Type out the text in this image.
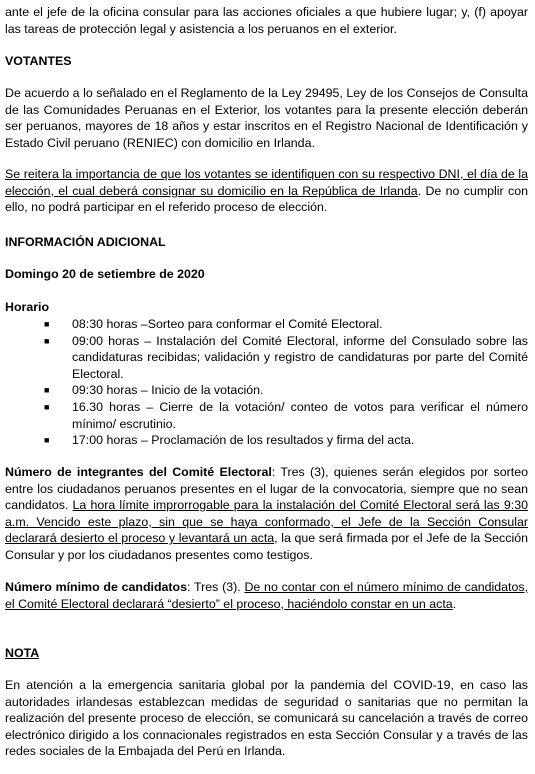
ante el jefe de la oficina consular para las acciones oficiales a que hubiere lugar; y, (f) apoyar las tareas de protección legal y asistencia a los peruanos en el exterior.

VOTANTES

De acuerdo a lo señalado en el Reglamento de la Ley 29495, Ley de los Consejos de Consulta de las Comunidades Peruanas en el Exterior, los votantes para la presente elección deberán ser peruanos, mayores de 18 años y estar inscritos en el Registro Nacional de Identificación y Estado Civil peruano (RENIEC) con domicilio en Irlanda.

Se reitera la importancia de que los votantes se identifiquen con su respectivo DNI, el día de la elección, el cual deberá consignar su domicilio en la República de Irlanda. De no cumplir con ello, no podrá participar en el referido proceso de elección.

INFORMACIÓN ADICIONAL

Domingo 20 de setiembre de 2020

Horario

■ 08:30 horas –Sorteo para conformar el Comité Electoral.
■ 09:00 horas – Instalación del Comité Electoral, informe del Consulado sobre las candidaturas recibidas; validación y registro de candidaturas por parte del Comité Electoral.
■ 09:30 horas – Inicio de la votación.
■ 16.30 horas – Cierre de la votación/ conteo de votos para verificar el número mínimo/ escrutinio.
■ 17:00 horas – Proclamación de los resultados y firma del acta.

Número de integrantes del Comité Electoral: Tres (3), quienes serán elegidos por sorteo entre los ciudadanos peruanos presentes en el lugar de la convocatoria, siempre que no sean candidatos. La hora límite improrrogable para la instalación del Comité Electoral será las 9:30 a.m. Vencido este plazo, sin que se haya conformado, el Jefe de la Sección Consular declarará desierto el proceso y levantará un acta, la que será firmada por el Jefe de la Sección Consular y por los ciudadanos presentes como testigos.

Número mínimo de candidatos: Tres (3). De no contar con el número mínimo de candidatos, el Comité Electoral declarará “desierto” el proceso, haciéndolo constar en un acta.

NOTA

En atención a la emergencia sanitaria global por la pandemia del COVID-19, en caso las autoridades irlandesas establezcan medidas de seguridad o sanitarias que no permitan la realización del presente proceso de elección, se comunicará su cancelación a través de correo electrónico dirigido a los connacionales registrados en esta Sección Consular y a través de las redes sociales de la Embajada del Perú en Irlanda.
